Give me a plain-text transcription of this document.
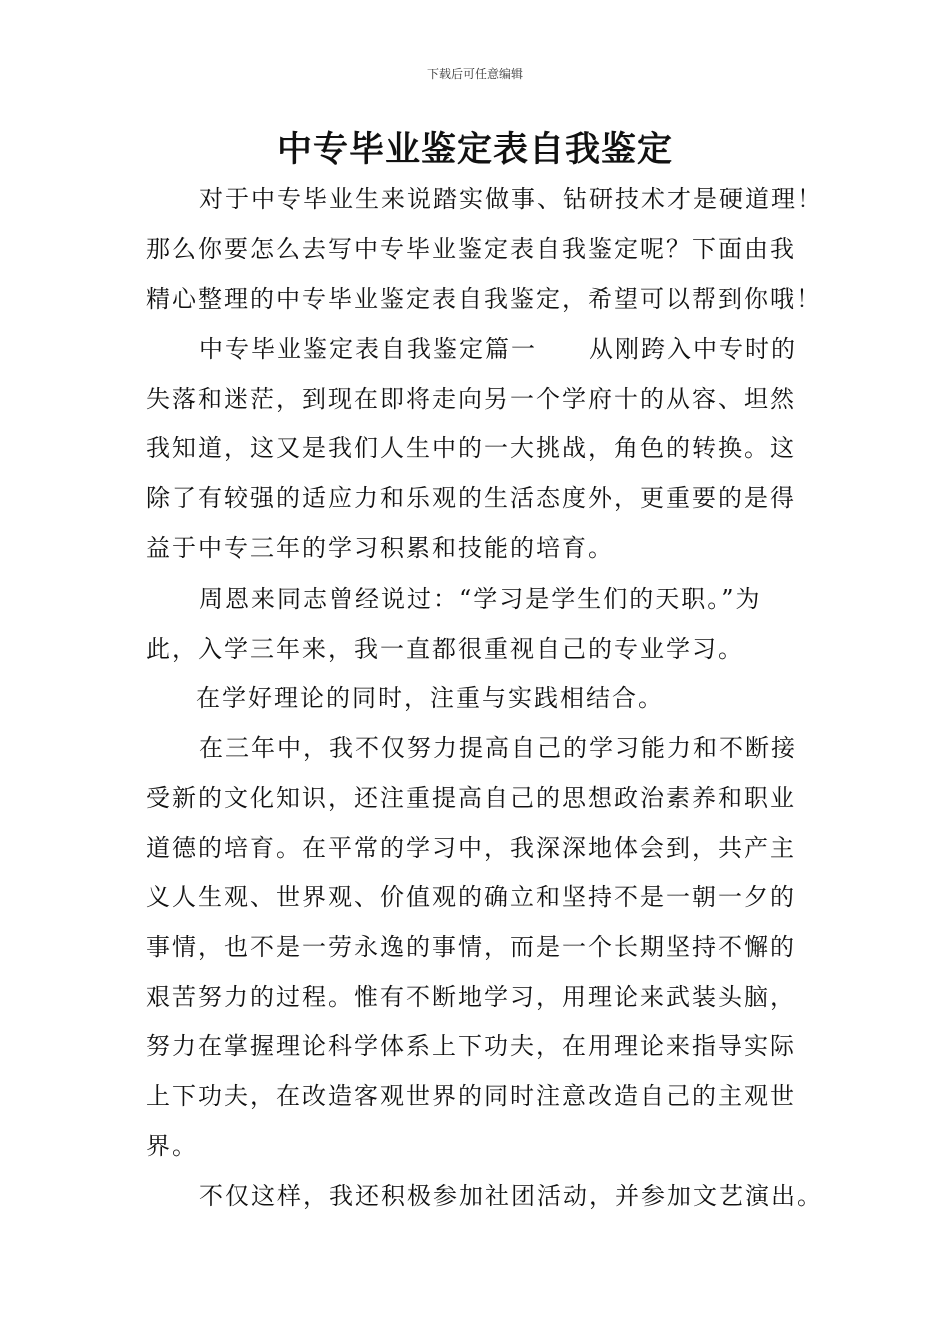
下载后可任意编辑
中专毕业鉴定表自我鉴定
对于中专毕业生来说踏实做事、钻研技术才是硬道理！
那么你要怎么去写中专毕业鉴定表自我鉴定呢？下面由我
精心整理的中专毕业鉴定表自我鉴定，希望可以帮到你哦！
中专毕业鉴定表自我鉴定篇一　　从刚跨入中专时的
失落和迷茫，到现在即将走向另一个学府十的从容、坦然
我知道，这又是我们人生中的一大挑战，角色的转换。这
除了有较强的适应力和乐观的生活态度外，更重要的是得
益于中专三年的学习积累和技能的培育。
周恩来同志曾经说过：“学习是学生们的天职。”为
此，入学三年来，我一直都很重视自己的专业学习。
在学好理论的同时，注重与实践相结合。
在三年中，我不仅努力提高自己的学习能力和不断接
受新的文化知识，还注重提高自己的思想政治素养和职业
道德的培育。在平常的学习中，我深深地体会到，共产主
义人生观、世界观、价值观的确立和坚持不是一朝一夕的
事情，也不是一劳永逸的事情，而是一个长期坚持不懈的
艰苦努力的过程。惟有不断地学习，用理论来武装头脑，
努力在掌握理论科学体系上下功夫，在用理论来指导实际
上下功夫，在改造客观世界的同时注意改造自己的主观世
界。
不仅这样，我还积极参加社团活动，并参加文艺演出。
